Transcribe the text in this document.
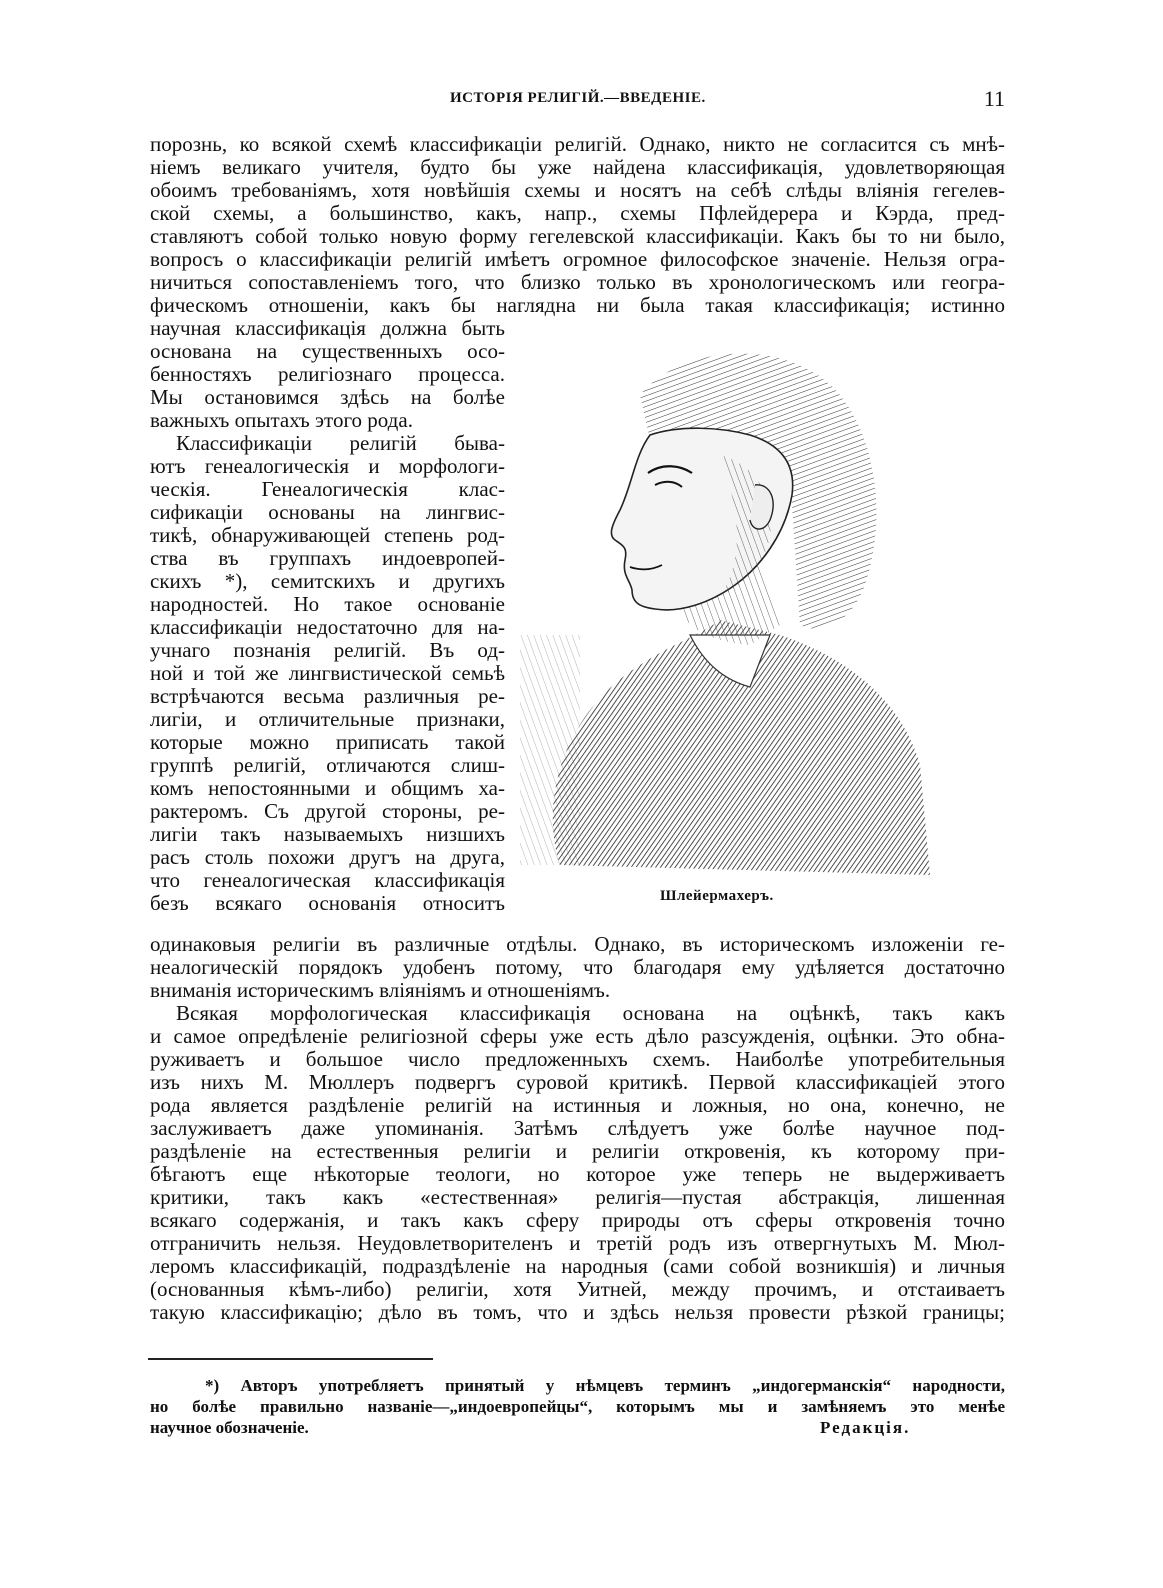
ИСТОРІЯ РЕЛИГІЙ.—ВВЕДЕНІЕ.	11
порознь, ко всякой схемѣ классификаціи религій. Однако, никто не согласится съ мнѣ-
ніемъ великаго учителя, будто бы уже найдена классификація, удовлетворяющая
обоимъ требованіямъ, хотя новѣйшія схемы и носятъ на себѣ слѣды вліянія гегелев-
ской схемы, а большинство, какъ, напр., схемы Пфлейдерера и Кэрда, пред-
ставляютъ собой только новую форму гегелевской классификаціи. Какъ бы то ни было,
вопросъ о классификаціи религій имѣетъ огромное философское значеніе. Нельзя огра-
ничиться сопоставленіемъ того, что близко только въ хронологическомъ или геогра-
фическомъ отношеніи, какъ бы наглядна ни была такая классификація; истинно
научная классификація должна быть
основана на существенныхъ осо-
бенностяхъ религіознаго процесса.
Мы остановимся здѣсь на болѣе
важныхъ опытахъ этого рода.
Классификаціи религій быва-
ютъ генеалогическія и морфологи-
ческія. Генеалогическія клас-
сификаціи основаны на лингвис-
тикѣ, обнаруживающей степень род-
ства въ группахъ индоевропей-
скихъ *), семитскихъ и другихъ
народностей. Но такое основаніе
классификаціи недостаточно для на-
учнаго познанія религій. Въ од-
ной и той же лингвистической семьѣ
встрѣчаются весьма различныя ре-
лигіи, и отличительные признаки,
которые можно приписать такой
группѣ религій, отличаются слиш-
комъ непостоянными и общимъ ха-
рактеромъ. Съ другой стороны, ре-
лигіи такъ называемыхъ низшихъ
расъ столь похожи другъ на друга,
что генеалогическая классификація
безъ всякаго основанія относитъ	Шлейермахеръ.
одинаковыя религіи въ различные отдѣлы. Однако, въ историческомъ изложеніи ге-
неалогическій порядокъ удобенъ потому, что благодаря ему удѣляется достаточно
вниманія историческимъ вліяніямъ и отношеніямъ.
Всякая морфологическая классификація основана на оцѣнкѣ, такъ какъ
и самое опредѣленіе религіозной сферы уже есть дѣло разсужденія, оцѣнки. Это обна-
руживаетъ и большое число предложенныхъ схемъ. Наиболѣе употребительныя
изъ нихъ М. Мюллеръ подвергъ суровой критикѣ. Первой классификаціей этого
рода является раздѣленіе религій на истинныя и ложныя, но она, конечно, не
заслуживаетъ даже упоминанія. Затѣмъ слѣдуетъ уже болѣе научное под-
раздѣленіе на естественныя религіи и религіи откровенія, къ которому при-
бѣгаютъ еще нѣкоторые теологи, но которое уже теперь не выдерживаетъ
критики, такъ какъ «естественная» религія—пустая абстракція, лишенная
всякаго содержанія, и такъ какъ сферу природы отъ сферы откровенія точно
отграничить нельзя. Неудовлетворителенъ и третій родъ изъ отвергнутыхъ М. Мюл-
леромъ классификацій, подраздѣленіе на народныя (сами собой возникшія) и личныя
(основанныя кѣмъ-либо) религіи, хотя Уитней, между прочимъ, и отстаиваетъ
такую классификацію; дѣло въ томъ, что и здѣсь нельзя провести рѣзкой границы;
*) Авторъ употребляетъ принятый у нѣмцевъ терминъ „индогерманскія“ народности,
но болѣе правильно названіе—„индоевропейцы“, которымъ мы и замѣняемъ это менѣе
научное обозначеніе.	Редакція.
